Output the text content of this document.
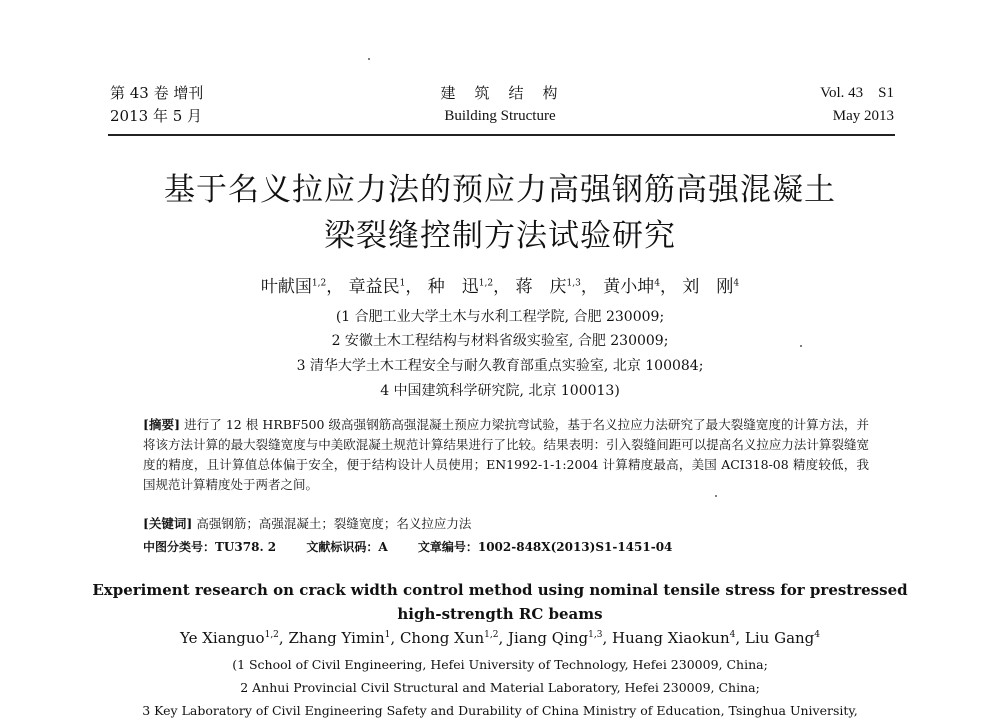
第 43 卷 增刊
2013 年 5 月
建　筑　结　构
Building Structure
Vol. 43　S1
May 2013
基于名义拉应力法的预应力高强钢筋高强混凝土
梁裂缝控制方法试验研究
叶献国$^{1,2}$， 章益民$^1$， 种　迅$^{1,2}$， 蒋　庆$^{1,3}$， 黄小坤$^4$， 刘　刚$^4$
(1 合肥工业大学土木与水利工程学院, 合肥 230009;
2 安徽土木工程结构与材料省级实验室, 合肥 230009;
3 清华大学土木工程安全与耐久教育部重点实验室, 北京 100084;
4 中国建筑科学研究院, 北京 100013)
[摘要] 进行了 12 根 HRBF500 级高强钢筋高强混凝土预应力梁抗弯试验，基于名义拉应力法研究了最大裂缝宽度的计算方法，并将该方法计算的最大裂缝宽度与中美欧混凝土规范计算结果进行了比较。结果表明：引入裂缝间距可以提高名义拉应力法计算裂缝宽度的精度，且计算值总体偏于安全，便于结构设计人员使用；EN1992-1-1:2004 计算精度最高，美国 ACI318-08 精度较低，我国规范计算精度处于两者之间。
[关键词] 高强钢筋；高强混凝土；裂缝宽度；名义拉应力法
中图分类号：TU378. 2	文献标识码：A	文章编号：1002-848X(2013)S1-1451-04
Experiment research on crack width control method using nominal tensile stress for prestressed
high-strength RC beams
Ye Xianguo$^{1,2}$, Zhang Yimin$^1$, Chong Xun$^{1,2}$, Jiang Qing$^{1,3}$, Huang Xiaokun$^4$, Liu Gang$^4$
(1 School of Civil Engineering, Hefei University of Technology, Hefei 230009, China;
2 Anhui Provincial Civil Structural and Material Laboratory, Hefei 230009, China;
3 Key Laboratory of Civil Engineering Safety and Durability of China Ministry of Education, Tsinghua University,
